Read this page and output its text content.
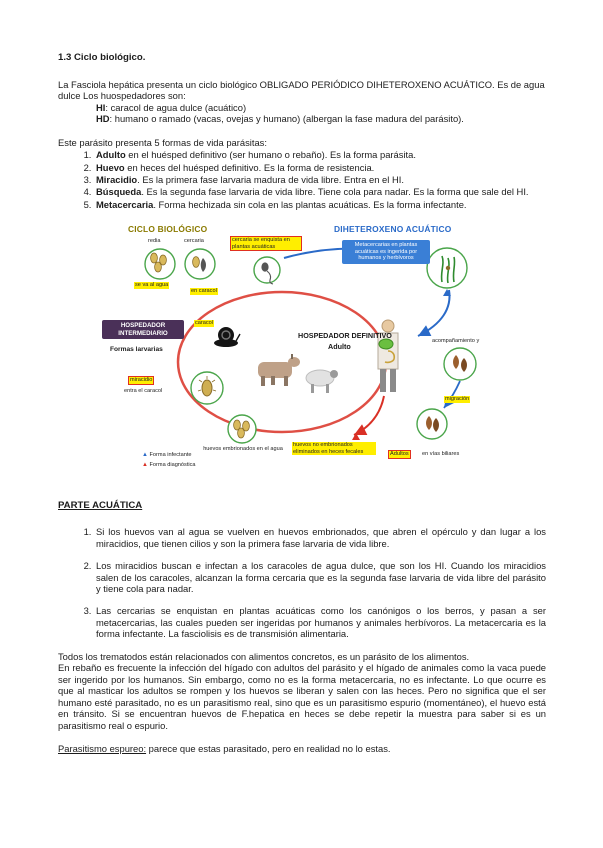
1.3 Ciclo biológico.

La Fasciola hepática presenta un ciclo biológico OBLIGADO PERIÓDICO DIHETEROXENO ACUÁTICO. Es de agua dulce Los huospedadores son:

HI: caracol de agua dulce (acuático)
HD: humano o ramado (vacas, ovejas y humano) (albergan la fase madura del parásito).

Este parásito presenta 5 formas de vida parásitas:

1. Adulto en el huésped definitivo (ser humano o rebaño). Es la forma parásita.
2. Huevo en heces del huésped definitivo. Es la forma de resistencia.
3. Miracidio. Es la primera fase larvaria madura de vida libre. Entra en el HI.
4. Búsqueda. Es la segunda fase larvaria de vida libre. Tiene cola para nadar. Es la forma que sale del HI.
5. Metacercaria. Forma hechizada sin cola en las plantas acuáticas. Es la forma infectante.
CICLO BIOLÓGICO	DIHETEROXENO ACUÁTICO
redia	cercaria
se va al agua
en caracol
cercaria se enquista en plantas acuáticas	Metacercarias en plantas acuáticas es ingerida por humanos y herbívoros
HOSPEDADOR INTERMEDIARIO
Formas larvarias
caracol
HOSPEDADOR DEFINITIVO
Adulto
acompañamiento y
migración
miracidio
entra el caracol
huevos embrionados en el agua
huevos no embrionados eliminados en heces fecales	Adultos	en vías biliares
▲ Forma infectante
▲ Forma diagnóstica
PARTE ACUÁTICA
1. Si los huevos van al agua se vuelven en huevos embrionados, que abren el opérculo y dan lugar a los miracidios, que tienen cilios y son la primera fase larvaria de vida libre.
2. Los miracidios buscan e infectan a los caracoles de agua dulce, que son los HI. Cuando los miracidios salen de los caracoles, alcanzan la forma cercaria que es la segunda fase larvaria de vida libre del parásito y tiene cola para nadar.
3. Las cercarias se enquistan en plantas acuáticas como los canónigos o los berros, y pasan a ser metacercarias, las cuales pueden ser ingeridas por humanos y animales herbívoros. La metacercaria es la forma infectante. La fasciolisis es de transmisión alimentaria.

Todos los trematodos están relacionados con alimentos concretos, es un parásito de los alimentos.

En rebaño es frecuente la infección del hígado con adultos del parásito y el hígado de animales como la vaca puede ser ingerido por los humanos. Sin embargo, como no es la forma metacercaria, no es infectante. Lo que ocurre es que al masticar los adultos se rompen y los huevos se liberan y salen con las heces. Pero no significa que el ser humano esté parasitado, no es un parasitismo real, sino que es un parasitismo espurio (momentáneo), el huevo está en tránsito. Si se encuentran huevos de F.hepatica en heces se debe repetir la muestra para saber si es un parasitismo real o espurio.

Parasitismo espureo: parece que estas parasitado, pero en realidad no lo estas.
